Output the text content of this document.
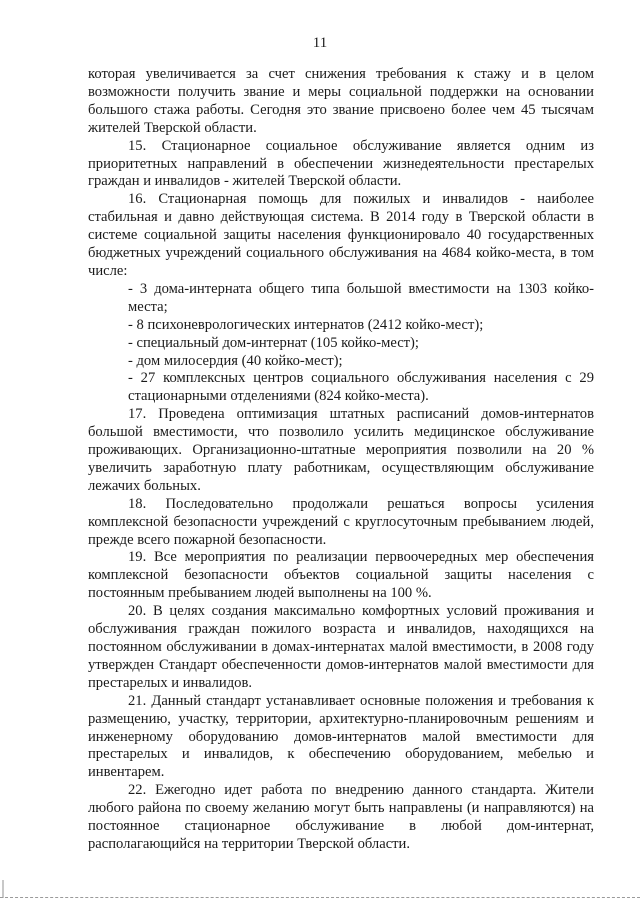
11

которая увеличивается за счет снижения требования к стажу и в целом возможности получить звание и меры социальной поддержки на основании большого стажа работы. Сегодня это звание присвоено более чем 45 тысячам жителей Тверской области.

15. Стационарное социальное обслуживание является одним из приоритетных направлений в обеспечении жизнедеятельности престарелых граждан и инвалидов - жителей Тверской области.

16. Стационарная помощь для пожилых и инвалидов - наиболее стабильная и давно действующая система. В 2014 году в Тверской области в системе социальной защиты населения функционировало 40 государственных бюджетных учреждений социального обслуживания на 4684 койко-места, в том числе:

- 3 дома-интерната общего типа большой вместимости на 1303 койко-места;

- 8 психоневрологических интернатов (2412 койко-мест);

- специальный дом-интернат (105 койко-мест);

- дом милосердия (40 койко-мест);

- 27 комплексных центров социального обслуживания населения с 29 стационарными отделениями (824 койко-места).

17. Проведена оптимизация штатных расписаний домов-интернатов большой вместимости, что позволило усилить медицинское обслуживание проживающих. Организационно-штатные мероприятия позволили на 20 % увеличить заработную плату работникам, осуществляющим обслуживание лежачих больных.

18. Последовательно продолжали решаться вопросы усиления комплексной безопасности учреждений с круглосуточным пребыванием людей, прежде всего пожарной безопасности.

19. Все мероприятия по реализации первоочередных мер обеспечения комплексной безопасности объектов социальной защиты населения с постоянным пребыванием людей выполнены на 100 %.

20. В целях создания максимально комфортных условий проживания и обслуживания граждан пожилого возраста и инвалидов, находящихся на постоянном обслуживании в домах-интернатах малой вместимости, в 2008 году утвержден Стандарт обеспеченности домов-интернатов малой вместимости для престарелых и инвалидов.

21. Данный стандарт устанавливает основные положения и требования к размещению, участку, территории, архитектурно-планировочным решениям и инженерному оборудованию домов-интернатов малой вместимости для престарелых и инвалидов, к обеспечению оборудованием, мебелью и инвентарем.

22. Ежегодно идет работа по внедрению данного стандарта. Жители любого района по своему желанию могут быть направлены (и направляются) на постоянное стационарное обслуживание в любой дом-интернат, располагающийся на территории Тверской области.
